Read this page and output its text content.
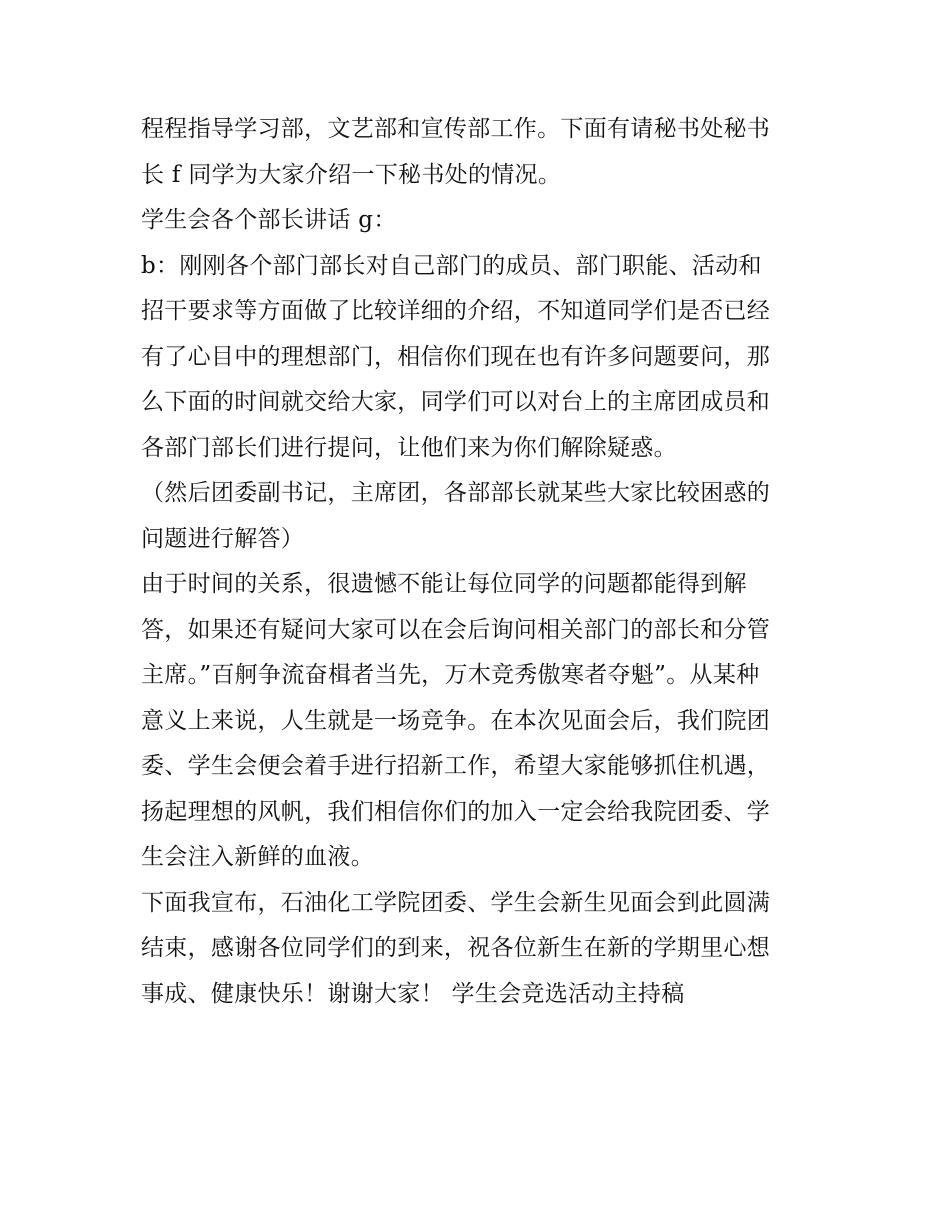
程程指导学习部，文艺部和宣传部工作。下面有请秘书处秘书
长 f 同学为大家介绍一下秘书处的情况。

学生会各个部长讲话 g：

b：刚刚各个部门部长对自己部门的成员、部门职能、活动和
招干要求等方面做了比较详细的介绍，不知道同学们是否已经
有了心目中的理想部门，相信你们现在也有许多问题要问，那
么下面的时间就交给大家，同学们可以对台上的主席团成员和
各部门部长们进行提问，让他们来为你们解除疑惑。

（然后团委副书记，主席团，各部部长就某些大家比较困惑的
问题进行解答）

由于时间的关系，很遗憾不能让每位同学的问题都能得到解
答，如果还有疑问大家可以在会后询问相关部门的部长和分管
主席。”百舸争流奋楫者当先，万木竞秀傲寒者夺魁”。从某种
意义上来说，人生就是一场竞争。在本次见面会后，我们院团
委、学生会便会着手进行招新工作，希望大家能够抓住机遇，
扬起理想的风帆，我们相信你们的加入一定会给我院团委、学
生会注入新鲜的血液。

下面我宣布，石油化工学院团委、学生会新生见面会到此圆满
结束，感谢各位同学们的到来，祝各位新生在新的学期里心想
事成、健康快乐！谢谢大家！ 学生会竞选活动主持稿
